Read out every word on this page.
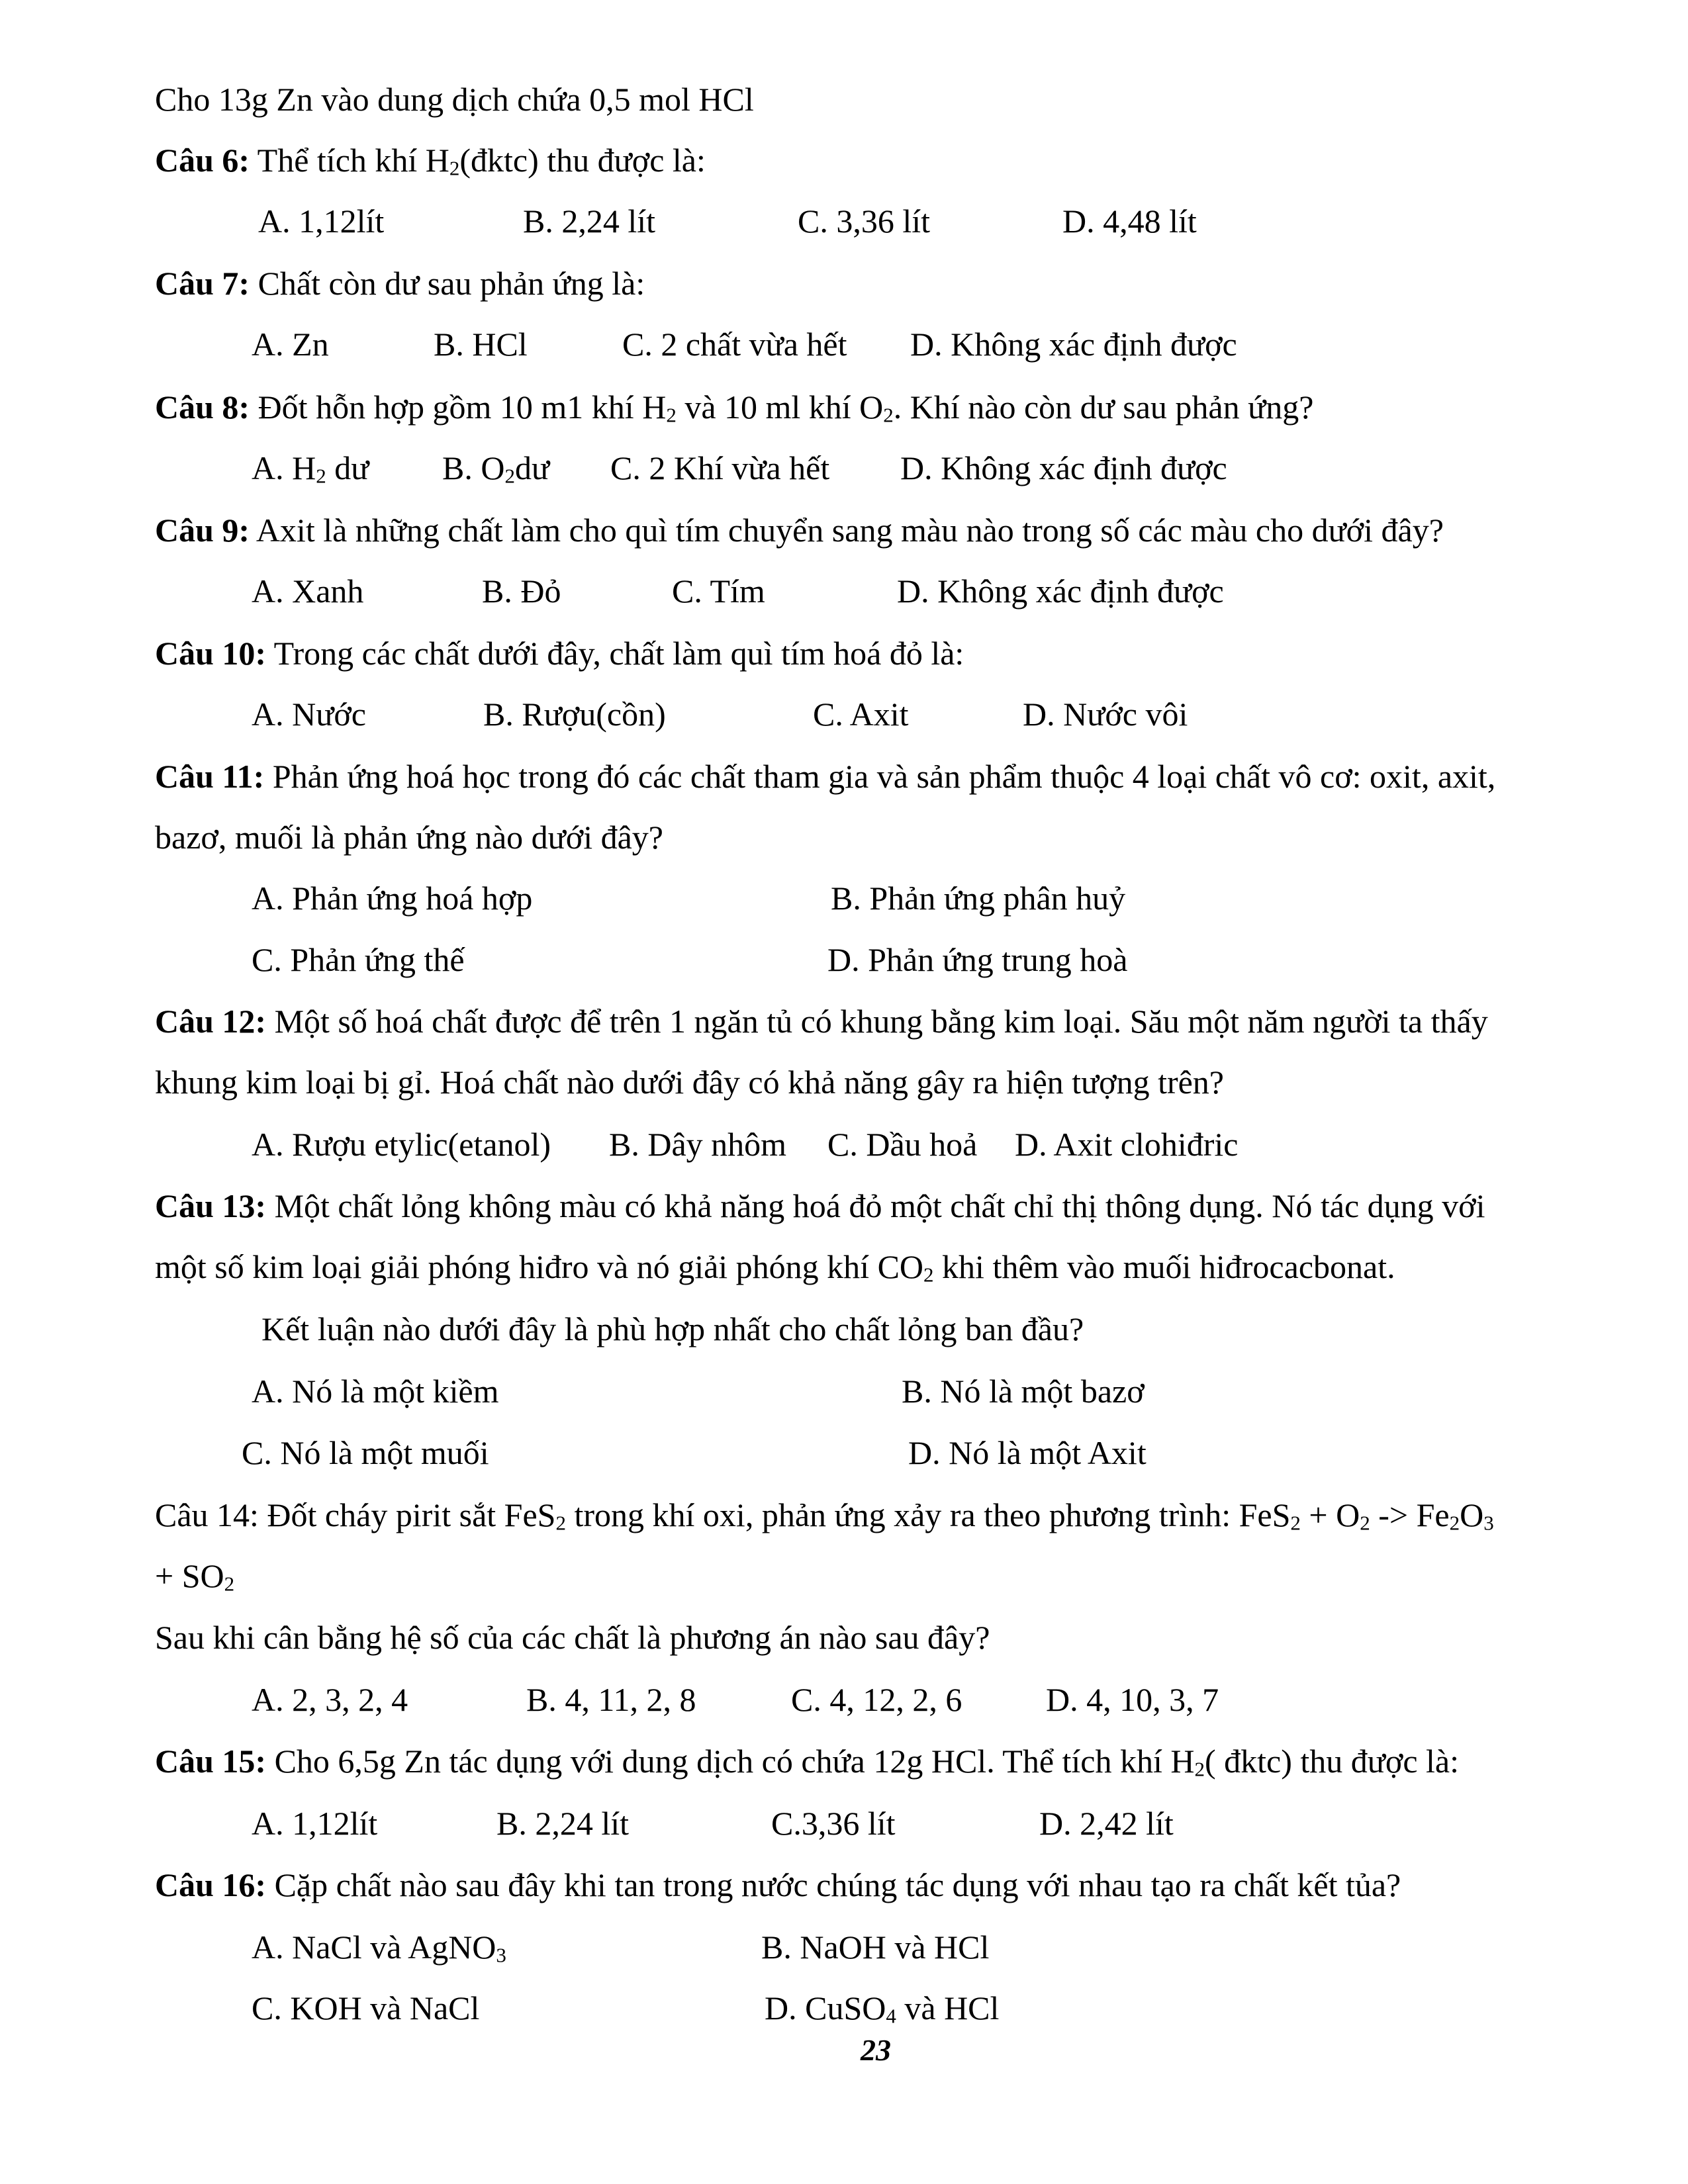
Cho 13g Zn vào dung dịch chứa 0,5 mol HCl
Câu 6: Thể tích khí $H_2(đktc)$ thu được là:
A. 1,12lít	B. 2,24 lít	C. 3,36 lít	D. 4,48 lít
Câu 7: Chất còn dư sau phản ứng là:
A. Zn	B. HCl	C. 2 chất vừa hết D. Không xác định được
Câu 8: Đốt hỗn hợp gồm 10 m1 khí $H_2$ và 10 ml khí $O_2$. Khí nào còn dư sau phản ứng?
A. $H_2$ dư B. $O_2dư$ C. 2 Khí vừa hết D. Không xác định được
Câu 9: Axit là những chất làm cho quì tím chuyển sang màu nào trong số các màu cho dưới đây?
A. Xanh	B. Đỏ	C. Tím	D. Không xác định được
Câu 10: Trong các chất dưới đây, chất làm quì tím hoá đỏ là:
A. Nước	B. Rượu(cồn)	C. Axit	D. Nước vôi
Câu 11: Phản ứng hoá học trong đó các chất tham gia và sản phẩm thuộc 4 loại chất vô cơ: oxit, axit,
bazơ, muối là phản ứng nào dưới đây?
A. Phản ứng hoá hợp	B. Phản ứng phân huỷ
C. Phản ứng thế	D. Phản ứng trung hoà
Câu 12: Một số hoá chất được để trên 1 ngăn tủ có khung bằng kim loại. Său một năm người ta thấy
khung kim loại bị gỉ. Hoá chất nào dưới đây có khả năng gây ra hiện tượng trên?
A. Rượu etylic(etanol) B. Dây nhôm C. Dầu hoả D. Axit clohiđric
Câu 13: Một chất lỏng không màu có khả năng hoá đỏ một chất chỉ thị thông dụng. Nó tác dụng với
một số kim loại giải phóng hiđro và nó giải phóng khí $CO_2$ khi thêm vào muối hiđrocacbonat.
Kết luận nào dưới đây là phù hợp nhất cho chất lỏng ban đầu?
A. Nó là một kiềm	B. Nó là một bazơ
C. Nó là một muối	D. Nó là một Axit
Câu 14: Đốt cháy pirit sắt FeS$_2$ trong khí oxi, phản ứng xảy ra theo phương trình: $FeS_2 + O_2 -> Fe_2O_3$
+ $SO_2$
Sau khi cân bằng hệ số của các chất là phương án nào sau đây?
A. 2, 3, 2, 4	B. 4, 11, 2, 8	C. 4, 12, 2, 6	D. 4, 10, 3, 7
Câu 15: Cho 6,5g Zn tác dụng với dung dịch có chứa 12g HCl. Thể tích khí $H_2$( đktc) thu được là:
A. 1,12lít	B. 2,24 lít	C.3,36 lít	D. 2,42 lít
Câu 16: Cặp chất nào sau đây khi tan trong nước chúng tác dụng với nhau tạo ra chất kết tủa?
A. NaCl và AgNO$_3$	B. NaOH và HCl
C. KOH và NaCl	D. CuSO$_4$ và HCl
23
